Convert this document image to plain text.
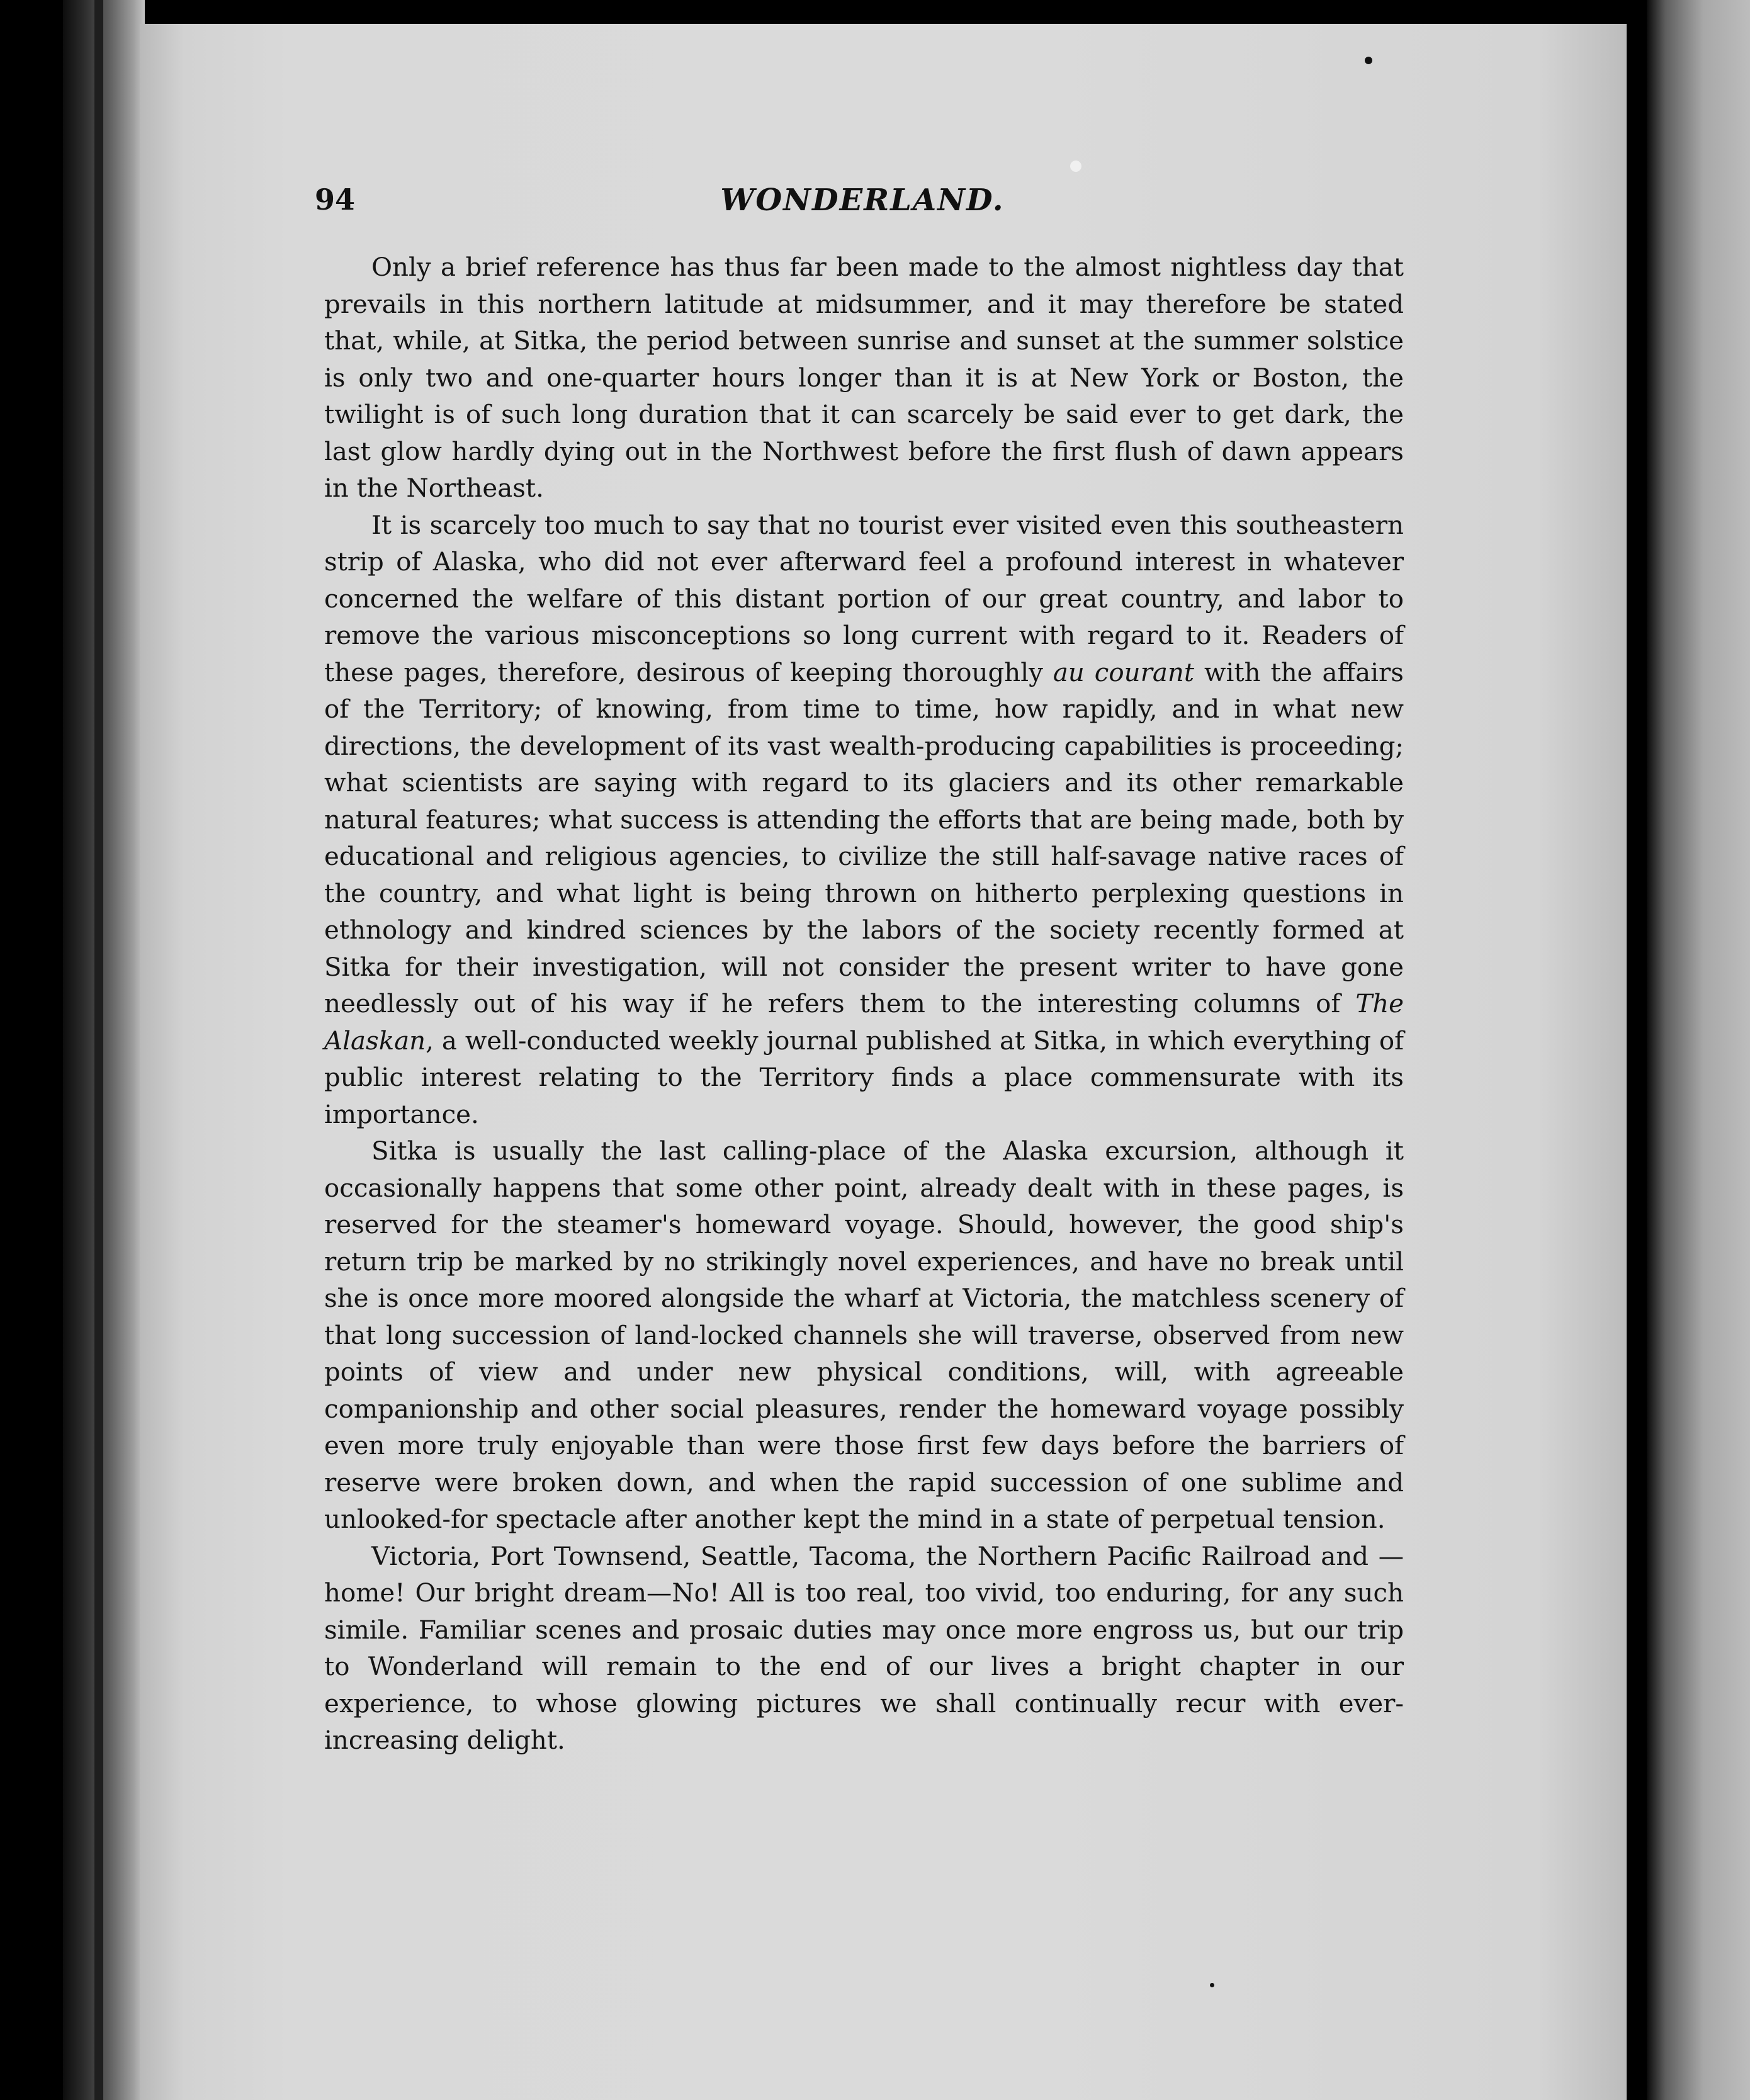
94	WONDERLAND.

Only a brief reference has thus far been made to the almost nightless day that prevails in this northern latitude at midsummer, and it may therefore be stated that, while, at Sitka, the period between sunrise and sunset at the summer solstice is only two and one-quarter hours longer than it is at New York or Boston, the twilight is of such long duration that it can scarcely be said ever to get dark, the last glow hardly dying out in the Northwest before the first flush of dawn appears in the Northeast.

It is scarcely too much to say that no tourist ever visited even this southeastern strip of Alaska, who did not ever afterward feel a profound interest in whatever concerned the welfare of this distant portion of our great country, and labor to remove the various misconceptions so long current with regard to it. Readers of these pages, therefore, desirous of keeping thoroughly au courant with the affairs of the Territory; of knowing, from time to time, how rapidly, and in what new directions, the development of its vast wealth-producing capabilities is proceeding; what scientists are saying with regard to its glaciers and its other remarkable natural features; what success is attending the efforts that are being made, both by educational and religious agencies, to civilize the still half-savage native races of the country, and what light is being thrown on hitherto perplexing questions in ethnology and kindred sciences by the labors of the society recently formed at Sitka for their investigation, will not consider the present writer to have gone needlessly out of his way if he refers them to the interesting columns of The Alaskan, a well-conducted weekly journal published at Sitka, in which everything of public interest relating to the Territory finds a place commensurate with its importance.

Sitka is usually the last calling-place of the Alaska excursion, although it occasionally happens that some other point, already dealt with in these pages, is reserved for the steamer's homeward voyage. Should, however, the good ship's return trip be marked by no strikingly novel experiences, and have no break until she is once more moored alongside the wharf at Victoria, the matchless scenery of that long succession of land-locked channels she will traverse, observed from new points of view and under new physical conditions, will, with agreeable companionship and other social pleasures, render the homeward voyage possibly even more truly enjoyable than were those first few days before the barriers of reserve were broken down, and when the rapid succession of one sublime and unlooked-for spectacle after another kept the mind in a state of perpetual tension.

Victoria, Port Townsend, Seattle, Tacoma, the Northern Pacific Railroad and —home! Our bright dream—No! All is too real, too vivid, too enduring, for any such simile. Familiar scenes and prosaic duties may once more engross us, but our trip to Wonderland will remain to the end of our lives a bright chapter in our experience, to whose glowing pictures we shall continually recur with ever-increasing delight.
